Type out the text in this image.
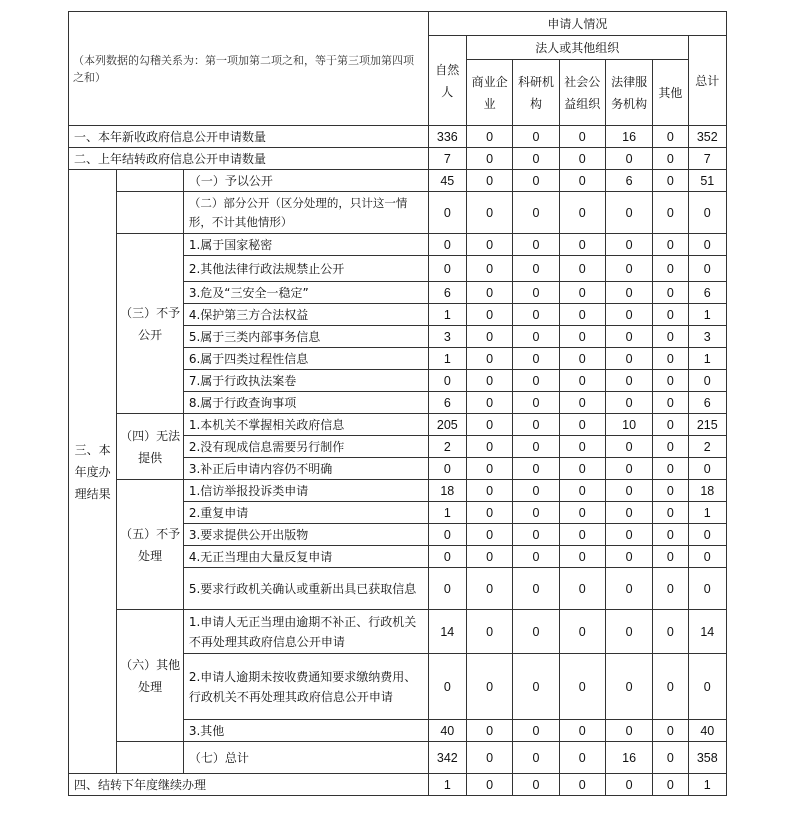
（本列数据的勾稽关系为：第一项加第二项之和，等于第三项加第四项之和）			申请人情况						
			自然人	法人或其他组织					总计
				商业企业	科研机构	社会公益组织	法律服务机构	其他	
一、本年新收政府信息公开申请数量			336	0	0	0	16	0	352
二、上年结转政府信息公开申请数量			7	0	0	0	0	0	7
三、本年度办理结果		（一）予以公开	45	0	0	0	6	0	51
		（二）部分公开（区分处理的，只计这一情形，不计其他情形）	0	0	0	0	0	0	0
	（三）不予公开	1.属于国家秘密	0	0	0	0	0	0	0
		2.其他法律行政法规禁止公开	0	0	0	0	0	0	0
		3.危及“三安全一稳定”	6	0	0	0	0	0	6
		4.保护第三方合法权益	1	0	0	0	0	0	1
		5.属于三类内部事务信息	3	0	0	0	0	0	3
		6.属于四类过程性信息	1	0	0	0	0	0	1
		7.属于行政执法案卷	0	0	0	0	0	0	0
		8.属于行政查询事项	6	0	0	0	0	0	6
	（四）无法提供	1.本机关不掌握相关政府信息	205	0	0	0	10	0	215
		2.没有现成信息需要另行制作	2	0	0	0	0	0	2
		3.补正后申请内容仍不明确	0	0	0	0	0	0	0
	（五）不予处理	1.信访举报投诉类申请	18	0	0	0	0	0	18
		2.重复申请	1	0	0	0	0	0	1
		3.要求提供公开出版物	0	0	0	0	0	0	0
		4.无正当理由大量反复申请	0	0	0	0	0	0	0
		5.要求行政机关确认或重新出具已获取信息	0	0	0	0	0	0	0
	（六）其他处理	1.申请人无正当理由逾期不补正、行政机关不再处理其政府信息公开申请	14	0	0	0	0	0	14
		2.申请人逾期未按收费通知要求缴纳费用、行政机关不再处理其政府信息公开申请	0	0	0	0	0	0	0
		3.其他	40	0	0	0	0	0	40
		（七）总计	342	0	0	0	16	0	358
四、结转下年度继续办理			1	0	0	0	0	0	1
